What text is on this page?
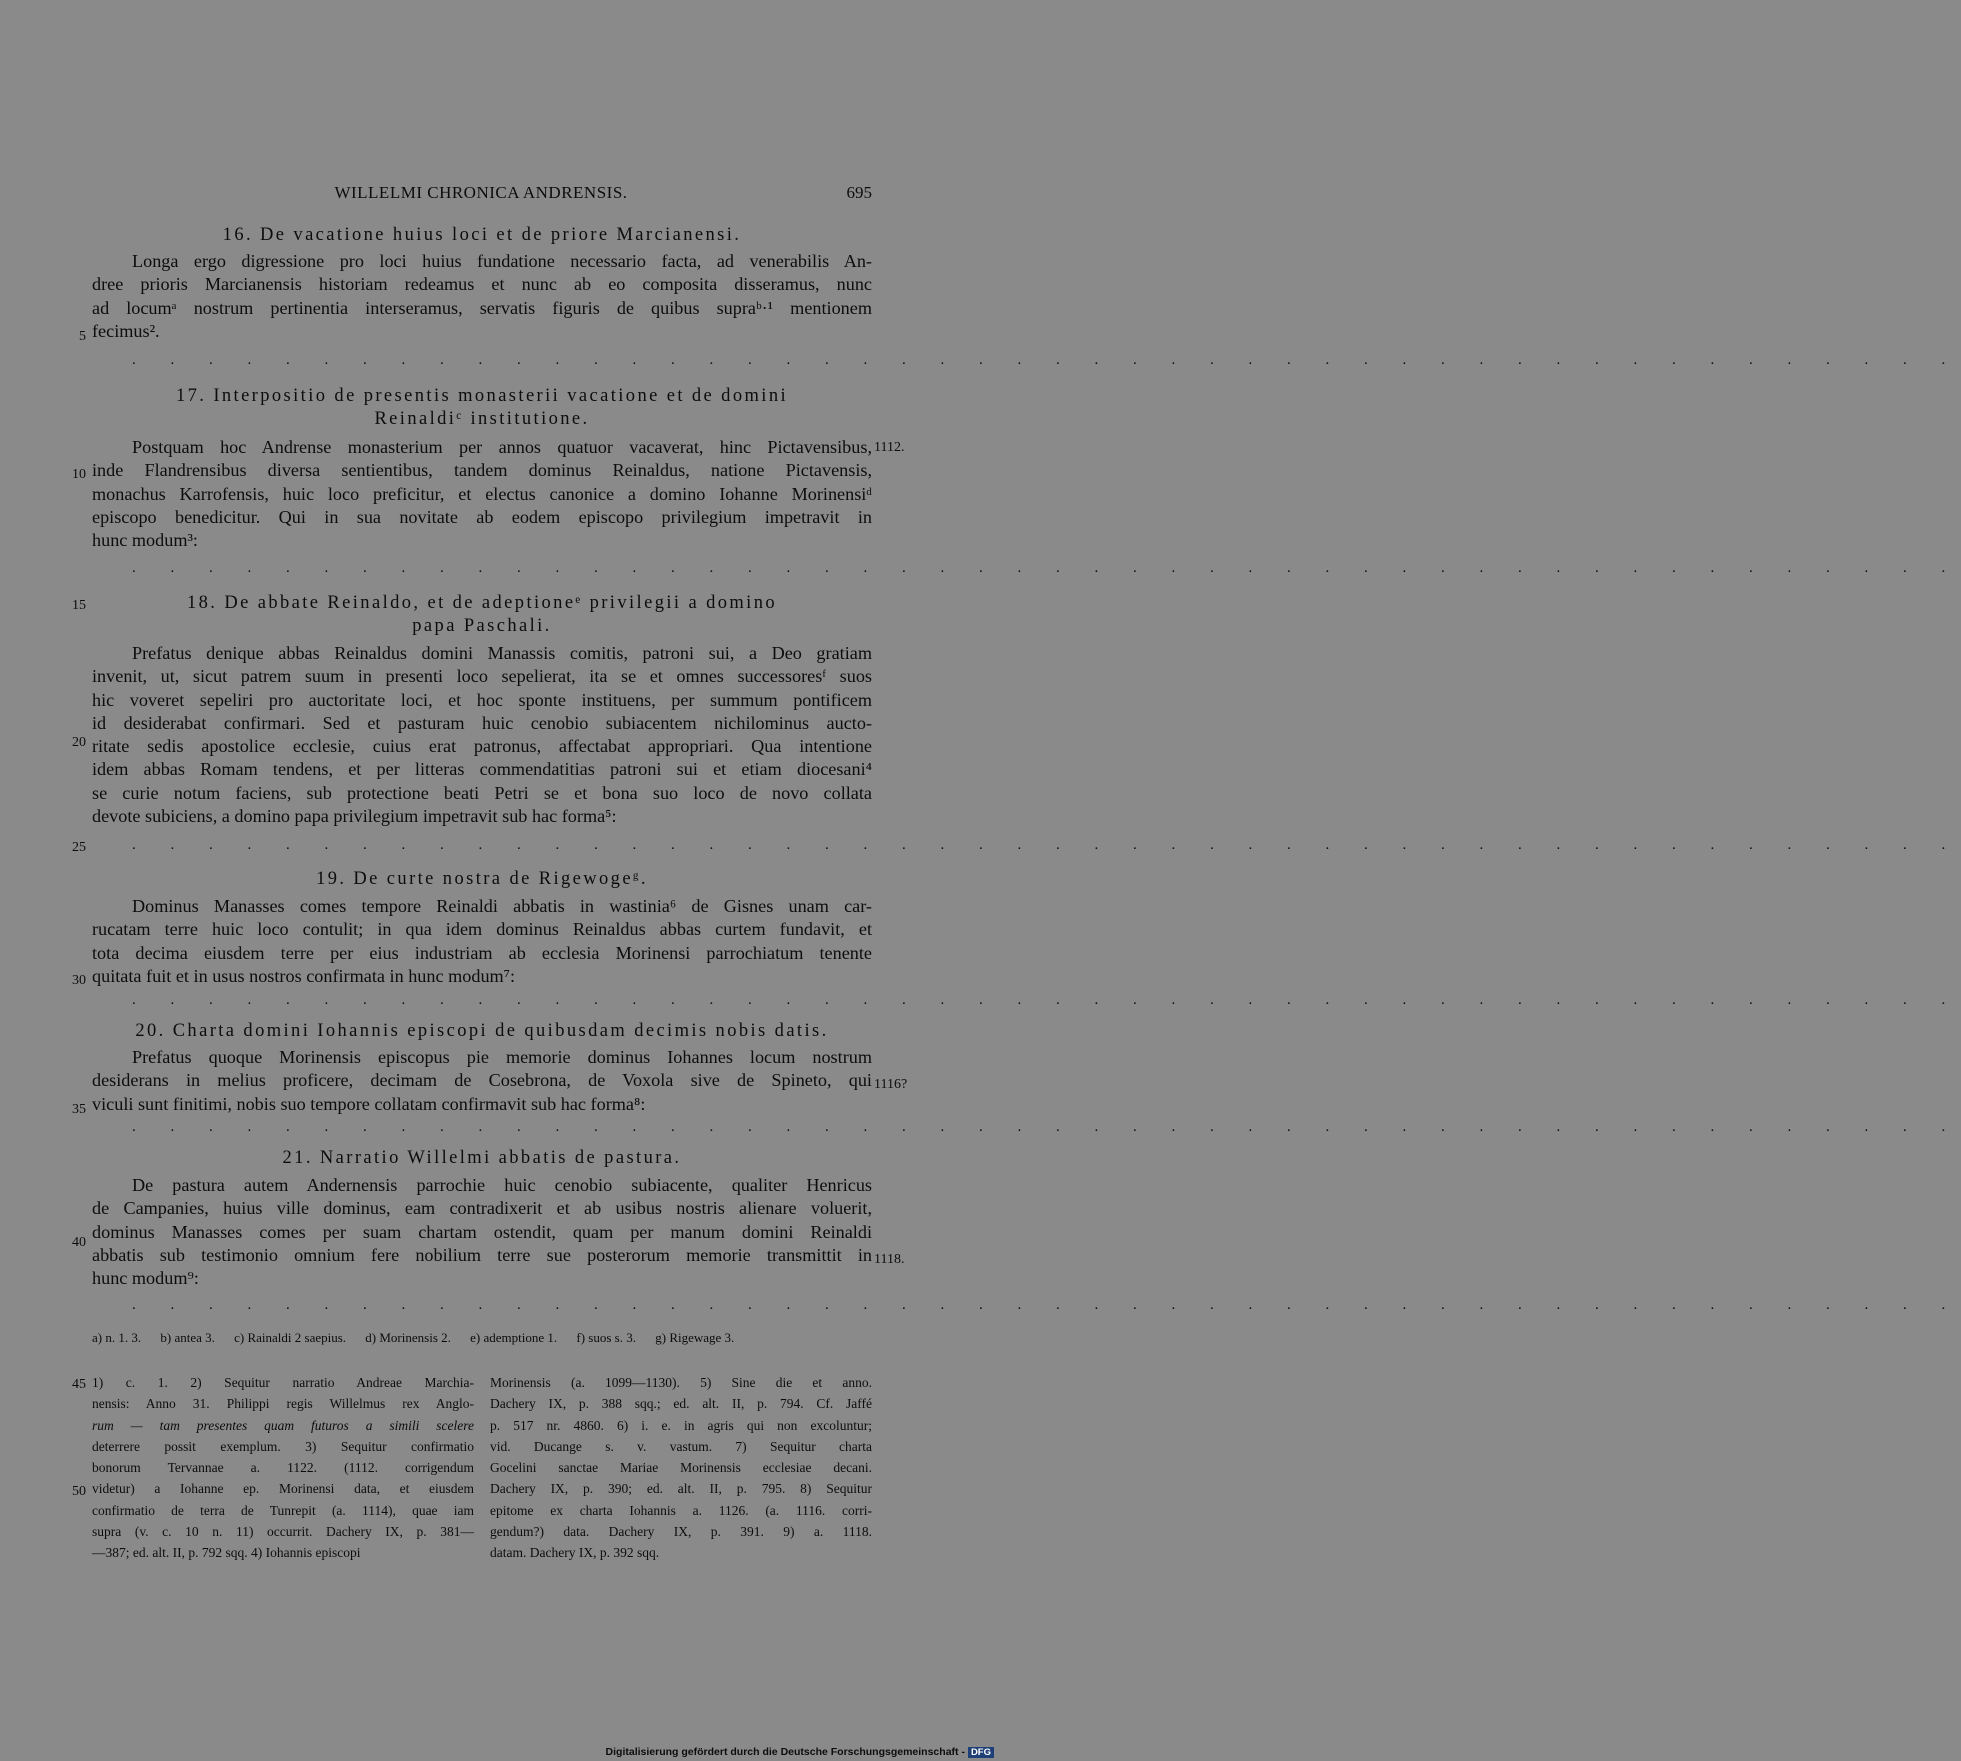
WILLELMI CHRONICA ANDRENSIS.	695
16. De vacatione huius loci et de priore Marcianensi.
Longa ergo digressione pro loci huius fundatione necessario facta, ad venerabilis An-
dree prioris Marcianensis historiam redeamus et nunc ab eo composita disseramus, nunc
ad locumᵃ nostrum pertinentia interseramus, servatis figuris de quibus supraᵇ·¹ mentionem
fecimus².
. . . . . . . . . . . . . . . . . . . . . . . . . . . . . . . . . . . . . . . . . . . . . . . .
17. Interpositio de presentis monasterii vacatione et de domini
Reinaldiᶜ institutione.
Postquam hoc Andrense monasterium per annos quatuor vacaverat, hinc Pictavensibus,
inde Flandrensibus diversa sentientibus, tandem dominus Reinaldus, natione Pictavensis,
monachus Karrofensis, huic loco preficitur, et electus canonice a domino Iohanne Morinensiᵈ
episcopo benedicitur. Qui in sua novitate ab eodem episcopo privilegium impetravit in
hunc modum³:
. . . . . . . . . . . . . . . . . . . . . . . . . . . . . . . . . . . . . . . . . . . . . . . .
18. De abbate Reinaldo, et de adeptioneᵉ privilegii a domino
papa Paschali.
Prefatus denique abbas Reinaldus domini Manassis comitis, patroni sui, a Deo gratiam
invenit, ut, sicut patrem suum in presenti loco sepelierat, ita se et omnes successoresᶠ suos
hic voveret sepeliri pro auctoritate loci, et hoc sponte instituens, per summum pontificem
id desiderabat confirmari. Sed et pasturam huic cenobio subiacentem nichilominus aucto-
ritate sedis apostolice ecclesie, cuius erat patronus, affectabat appropriari. Qua intentione
idem abbas Romam tendens, et per litteras commendatitias patroni sui et etiam diocesani⁴
se curie notum faciens, sub protectione beati Petri se et bona suo loco de novo collata
devote subiciens, a domino papa privilegium impetravit sub hac forma⁵:
. . . . . . . . . . . . . . . . . . . . . . . . . . . . . . . . . . . . . . . . . . . . . . . .
19. De curte nostra de Rigewogeᵍ.
Dominus Manasses comes tempore Reinaldi abbatis in wastinia⁶ de Gisnes unam car-
rucatam terre huic loco contulit; in qua idem dominus Reinaldus abbas curtem fundavit, et
tota decima eiusdem terre per eius industriam ab ecclesia Morinensi parrochiatum tenente
quitata fuit et in usus nostros confirmata in hunc modum⁷:
. . . . . . . . . . . . . . . . . . . . . . . . . . . . . . . . . . . . . . . . . . . . . . . .
20. Charta domini Iohannis episcopi de quibusdam decimis nobis datis.
Prefatus quoque Morinensis episcopus pie memorie dominus Iohannes locum nostrum
desiderans in melius proficere, decimam de Cosebrona, de Voxola sive de Spineto, qui
viculi sunt finitimi, nobis suo tempore collatam confirmavit sub hac forma⁸:
. . . . . . . . . . . . . . . . . . . . . . . . . . . . . . . . . . . . . . . . . . . . . . . .
21. Narratio Willelmi abbatis de pastura.
De pastura autem Andernensis parrochie huic cenobio subiacente, qualiter Henricus
de Campanies, huius ville dominus, eam contradixerit et ab usibus nostris alienare voluerit,
dominus Manasses comes per suam chartam ostendit, quam per manum domini Reinaldi
abbatis sub testimonio omnium fere nobilium terre sue posterorum memorie transmittit in
hunc modum⁹:
. . . . . . . . . . . . . . . . . . . . . . . . . . . . . . . . . . . . . . . . . . . . . . . .
5
10
15
20
25
30
35
40
45
50
1112.
1116?
1118.
a) n. 1. 3. b) antea 3. c) Rainaldi 2 saepius. d) Morinensis 2. e) ademptione 1. f) suos s. 3. g) Rigewage 3.
1) c. 1. 2) Sequitur narratio Andreae Marchia-
nensis: Anno 31. Philippi regis Willelmus rex Anglo-
rum — tam presentes quam futuros a simili scelere
deterrere possit exemplum. 3) Sequitur confirmatio
bonorum Tervannae a. 1122. (1112. corrigendum
videtur) a Iohanne ep. Morinensi data, et eiusdem
confirmatio de terra de Tunrepit (a. 1114), quae iam
supra (v. c. 10 n. 11) occurrit. Dachery IX, p. 381—
—387; ed. alt. II, p. 792 sqq. 4) Iohannis episcopi
Morinensis (a. 1099—1130). 5) Sine die et anno.
Dachery IX, p. 388 sqq.; ed. alt. II, p. 794. Cf. Jaffé
p. 517 nr. 4860. 6) i. e. in agris qui non excoluntur;
vid. Ducange s. v. vastum. 7) Sequitur charta
Gocelini sanctae Mariae Morinensis ecclesiae decani.
Dachery IX, p. 390; ed. alt. II, p. 795. 8) Sequitur
epitome ex charta Iohannis a. 1126. (a. 1116. corri-
gendum?) data. Dachery IX, p. 391. 9) a. 1118.
datam. Dachery IX, p. 392 sqq.
Digitalisierung gefördert durch die Deutsche Forschungsgemeinschaft - DFG
